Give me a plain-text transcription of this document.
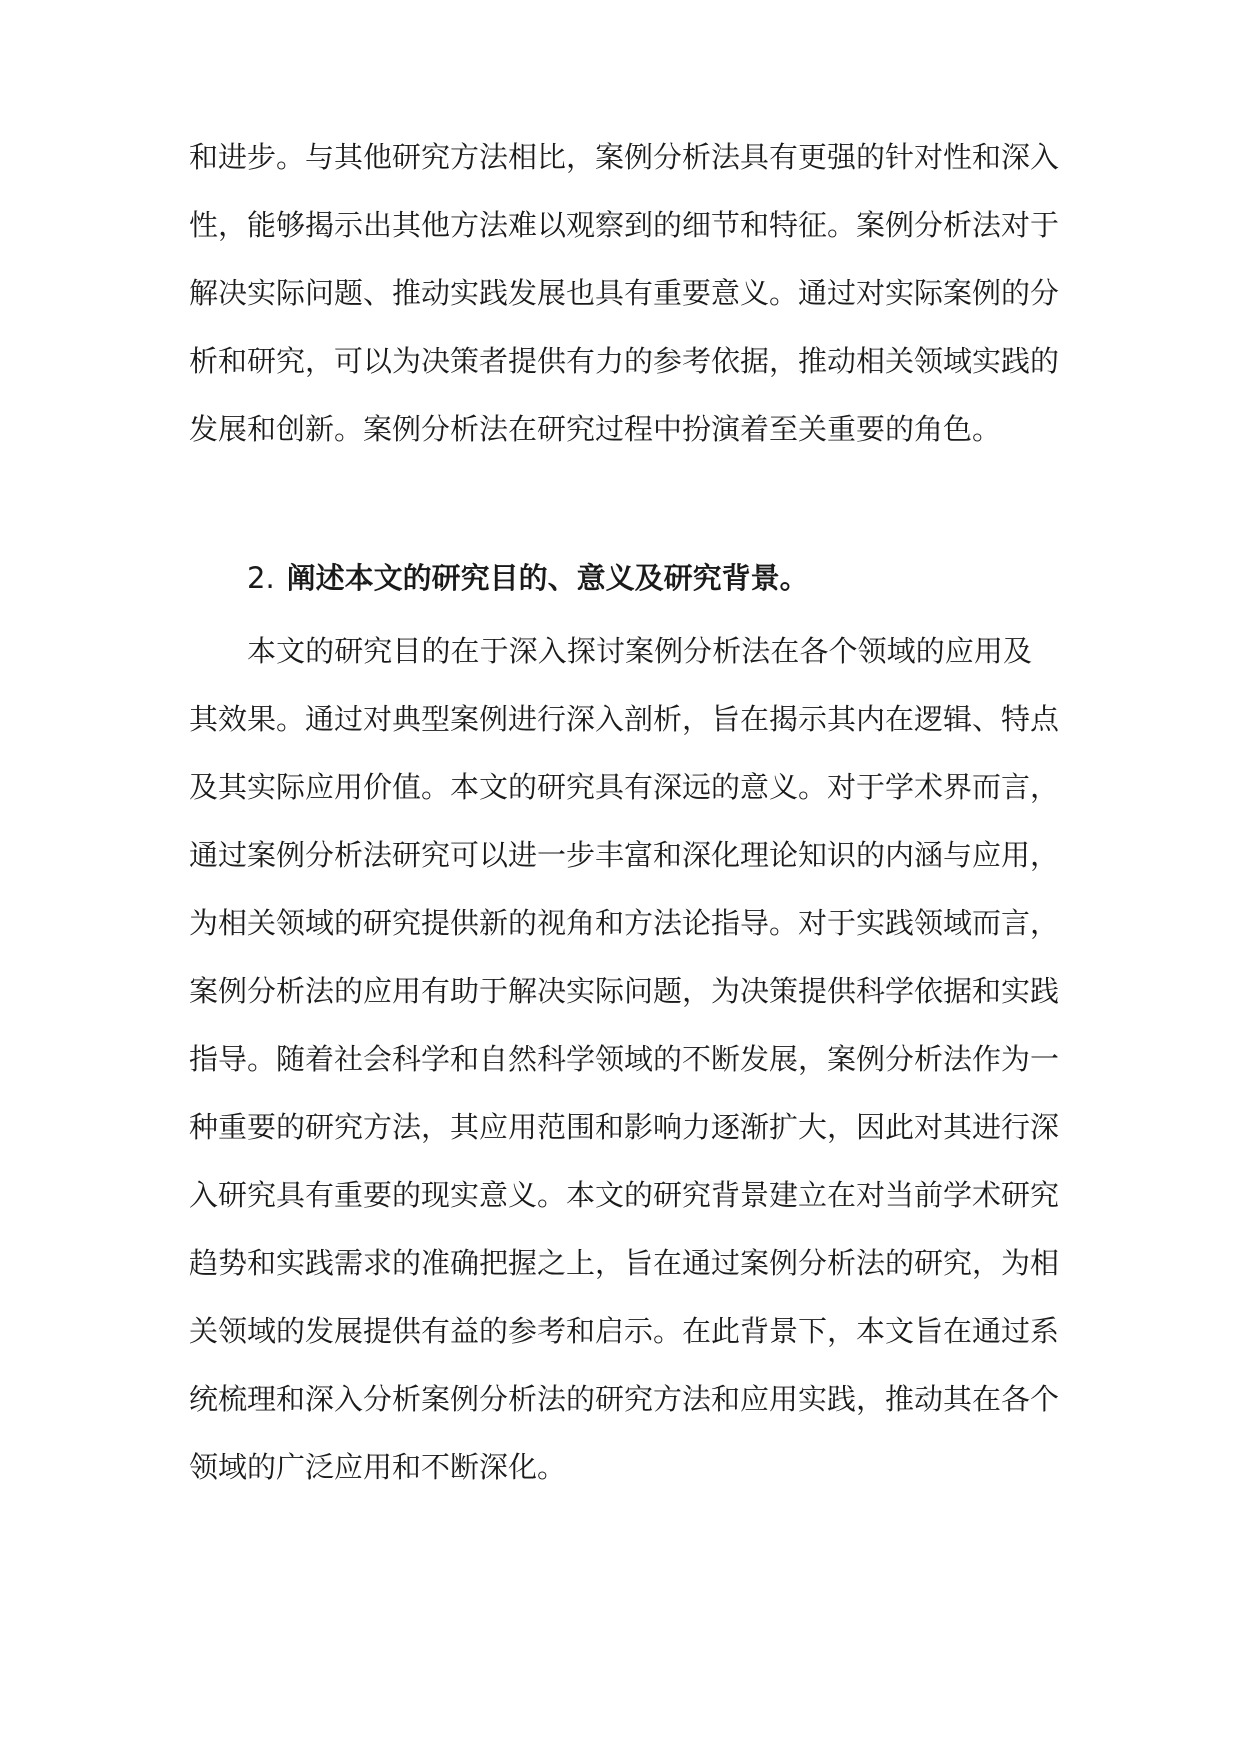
和进步。与其他研究方法相比，案例分析法具有更强的针对性和深入
性，能够揭示出其他方法难以观察到的细节和特征。案例分析法对于
解决实际问题、推动实践发展也具有重要意义。通过对实际案例的分
析和研究，可以为决策者提供有力的参考依据，推动相关领域实践的
发展和创新。案例分析法在研究过程中扮演着至关重要的角色。
2. 阐述本文的研究目的、意义及研究背景。
本文的研究目的在于深入探讨案例分析法在各个领域的应用及
其效果。通过对典型案例进行深入剖析，旨在揭示其内在逻辑、特点
及其实际应用价值。本文的研究具有深远的意义。对于学术界而言，
通过案例分析法研究可以进一步丰富和深化理论知识的内涵与应用，
为相关领域的研究提供新的视角和方法论指导。对于实践领域而言，
案例分析法的应用有助于解决实际问题，为决策提供科学依据和实践
指导。随着社会科学和自然科学领域的不断发展，案例分析法作为一
种重要的研究方法，其应用范围和影响力逐渐扩大，因此对其进行深
入研究具有重要的现实意义。本文的研究背景建立在对当前学术研究
趋势和实践需求的准确把握之上，旨在通过案例分析法的研究，为相
关领域的发展提供有益的参考和启示。在此背景下，本文旨在通过系
统梳理和深入分析案例分析法的研究方法和应用实践，推动其在各个
领域的广泛应用和不断深化。
